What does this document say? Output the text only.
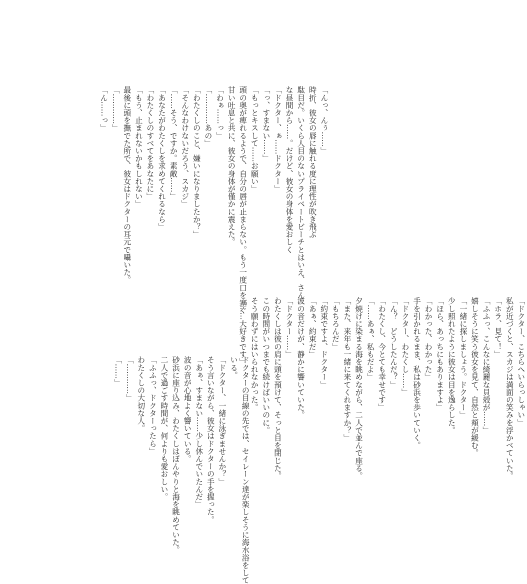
「んっ、んぅ……」
時折、彼女の唇に触れる度に理性が吹き飛ぶ
駄目だ。いくら人目のないプライベートビーチとはいえ、さん
な昼間から……。だけど、彼女の身体を愛おしく
「ドクター、ぁ……ドクター」
「っ、すまない……」
「もっとキスして……お願い」
頭の奥が痺れるようで、自分の唇が止まらない。もう一度口を塞ぐ
甘い吐息と共に、彼女の身体が僅かに震えた。
「わぁ……っ」
「…………あの」
「わたくしのこと、嫌いになりましたか？」
「そんなわけないだろう、スカジ」
「……そう、ですか。素敵……」
「あなたがわたくしを求めてくれるなら」
「わたくしのすべてをあなたに」
「もう、止まれないかもしれない」
最後に頭を撫でた所で、彼女はドクターの耳元で囁いた。
「…………」
「ん……っ」
ドクターの目線の先では、セイレーン達が楽しそうに海水浴をして
いる。
「ドクター、一緒に泳ぎませんか？」
そう言いながら、彼女はドクターの手を握った。
「あぁ、すまない……少し休んでいたんだ」
波の音が心地よく響いている。
砂浜に座り込み、わたくしはぼんやりと海を眺めていた。
二人で過ごす時間が、何よりも愛おしい。
「ふふっ、ドクターったら」
わたくしの大切な人。
「…………」
「……」	「ドクター、こちらへいらっしゃい」
私が近づくと、スカジは満面の笑みを浮かべていた。
「ホラ、見て！」
「ふふっ、こんなに綺麗な貝殻が……」
嬉しそうに笑う彼女を見て、自然と頬が緩む。
「一緒に探しましょう。ドクター」
少し照れたように彼女は目を逸らした。
「ほら、あっちにもありますよ」
「わかった、わかった」
手を引かれるまま、私は砂浜を歩いていく。
「ドクター、わたくし……」
「ん？　どうしたんだ？」
「わたくし、今とても幸せです」
「……あぁ、私もだよ」
夕焼けに染まる海を眺めながら、二人で並んで座る。
「また、来年も一緒に来てくれますか？」
「もちろんだ」
「約束ですよ、ドクター」
「あぁ、約束だ」
波の音だけが、静かに響いていた。
「ドクター……」
わたくしは彼の肩に頭を預けて、そっと目を閉じた。
この時間がいつまでも続けばいいのに。
そう願わずにはいられなかった。
「……大好きです」
